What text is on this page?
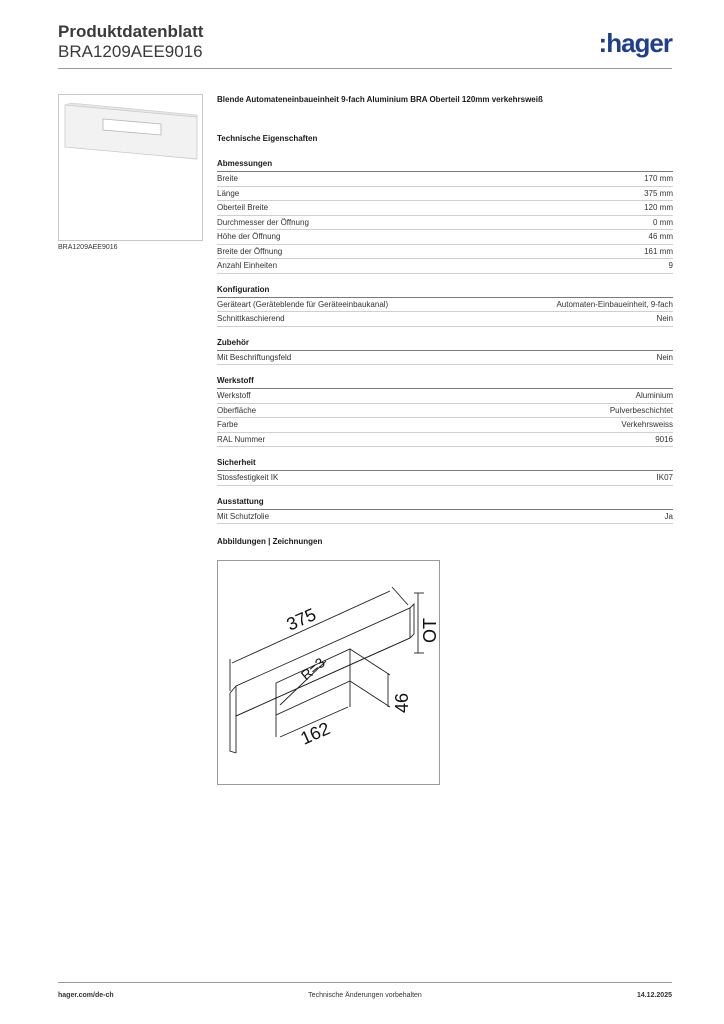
Produktdatenblatt
BRA1209AEE9016	:hager
BRA1209AEE9016
Blende Automateneinbaueinheit 9-fach Aluminium BRA Oberteil 120mm verkehrsweiß
Technische Eigenschaften
Abmessungen
Breite	170 mm
Länge	375 mm
Oberteil Breite	120 mm
Durchmesser der Öffnung	0 mm
Höhe der Öffnung	46 mm
Breite der Öffnung	161 mm
Anzahl Einheiten	9
Konfiguration
Geräteart (Geräteblende für Geräteeinbaukanal)	Automaten-Einbaueinheit, 9-fach
Schnittkaschierend	Nein
Zubehör
Mit Beschriftungsfeld	Nein
Werkstoff
Werkstoff	Aluminium
Oberfläche	Pulverbeschichtet
Farbe	Verkehrsweiss
RAL Nummer	9016
Sicherheit
Stossfestigkeit IK	IK07
Ausstattung
Mit Schutzfolie	Ja
Abbildungen | Zeichnungen
375	OT
R=3
46
162
hager.com/de-ch	Technische Änderungen vorbehalten	14.12.2025
